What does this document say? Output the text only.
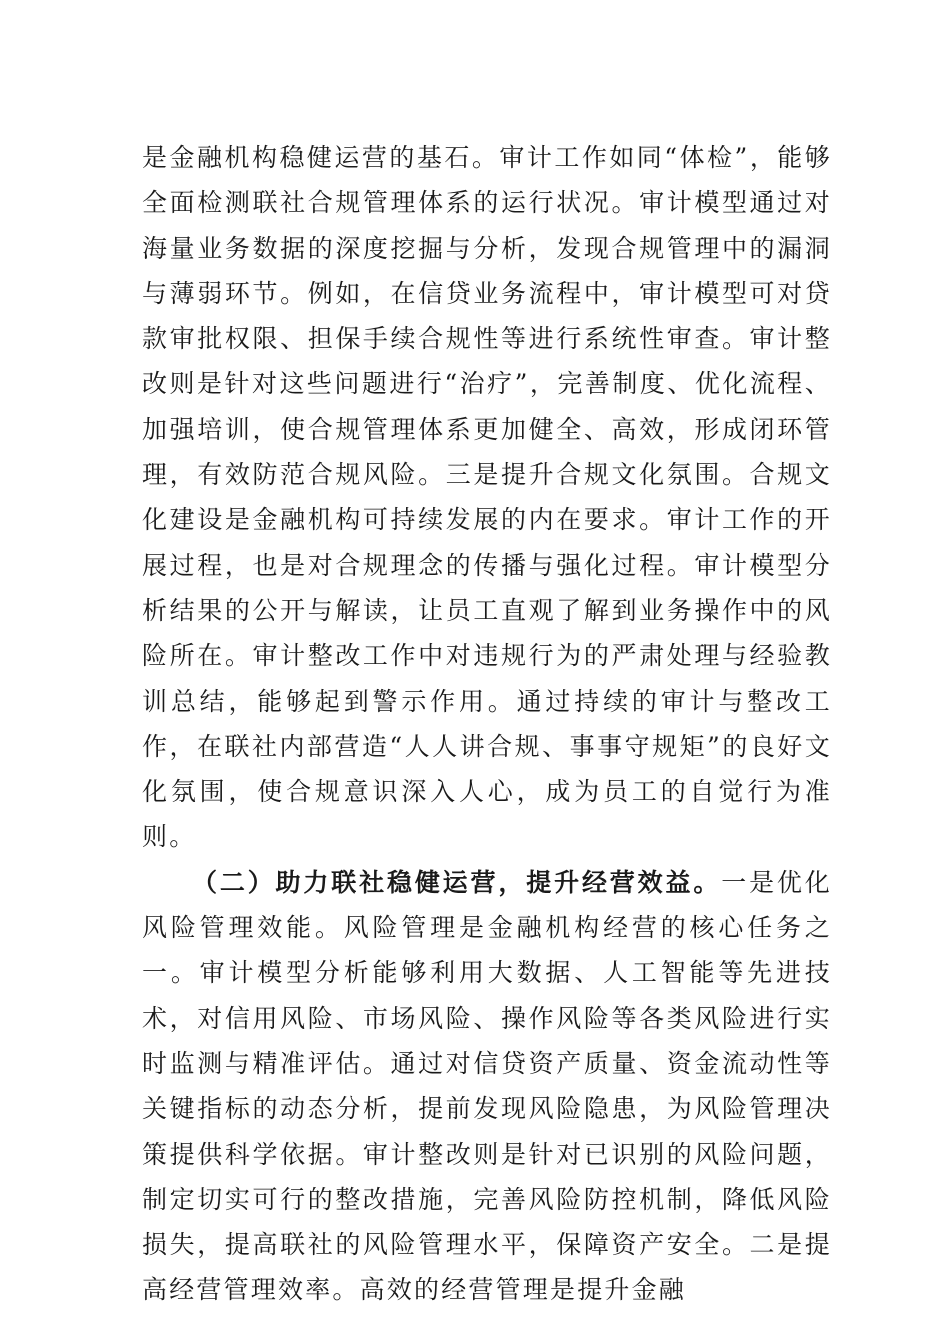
是金融机构稳健运营的基石。审计工作如同“体检”，能够全面检测联社合规管理体系的运行状况。审计模型通过对海量业务数据的深度挖掘与分析，发现合规管理中的漏洞与薄弱环节。例如，在信贷业务流程中，审计模型可对贷款审批权限、担保手续合规性等进行系统性审查。审计整改则是针对这些问题进行“治疗”，完善制度、优化流程、加强培训，使合规管理体系更加健全、高效，形成闭环管理，有效防范合规风险。三是提升合规文化氛围。合规文化建设是金融机构可持续发展的内在要求。审计工作的开展过程，也是对合规理念的传播与强化过程。审计模型分析结果的公开与解读，让员工直观了解到业务操作中的风险所在。审计整改工作中对违规行为的严肃处理与经验教训总结，能够起到警示作用。通过持续的审计与整改工作，在联社内部营造“人人讲合规、事事守规矩”的良好文化氛围，使合规意识深入人心，成为员工的自觉行为准则。

（二）助力联社稳健运营，提升经营效益。一是优化风险管理效能。风险管理是金融机构经营的核心任务之一。审计模型分析能够利用大数据、人工智能等先进技术，对信用风险、市场风险、操作风险等各类风险进行实时监测与精准评估。通过对信贷资产质量、资金流动性等关键指标的动态分析，提前发现风险隐患，为风险管理决策提供科学依据。审计整改则是针对已识别的风险问题，制定切实可行的整改措施，完善风险防控机制，降低风险损失，提高联社的风险管理水平，保障资产安全。二是提高经营管理效率。高效的经营管理是提升金融
